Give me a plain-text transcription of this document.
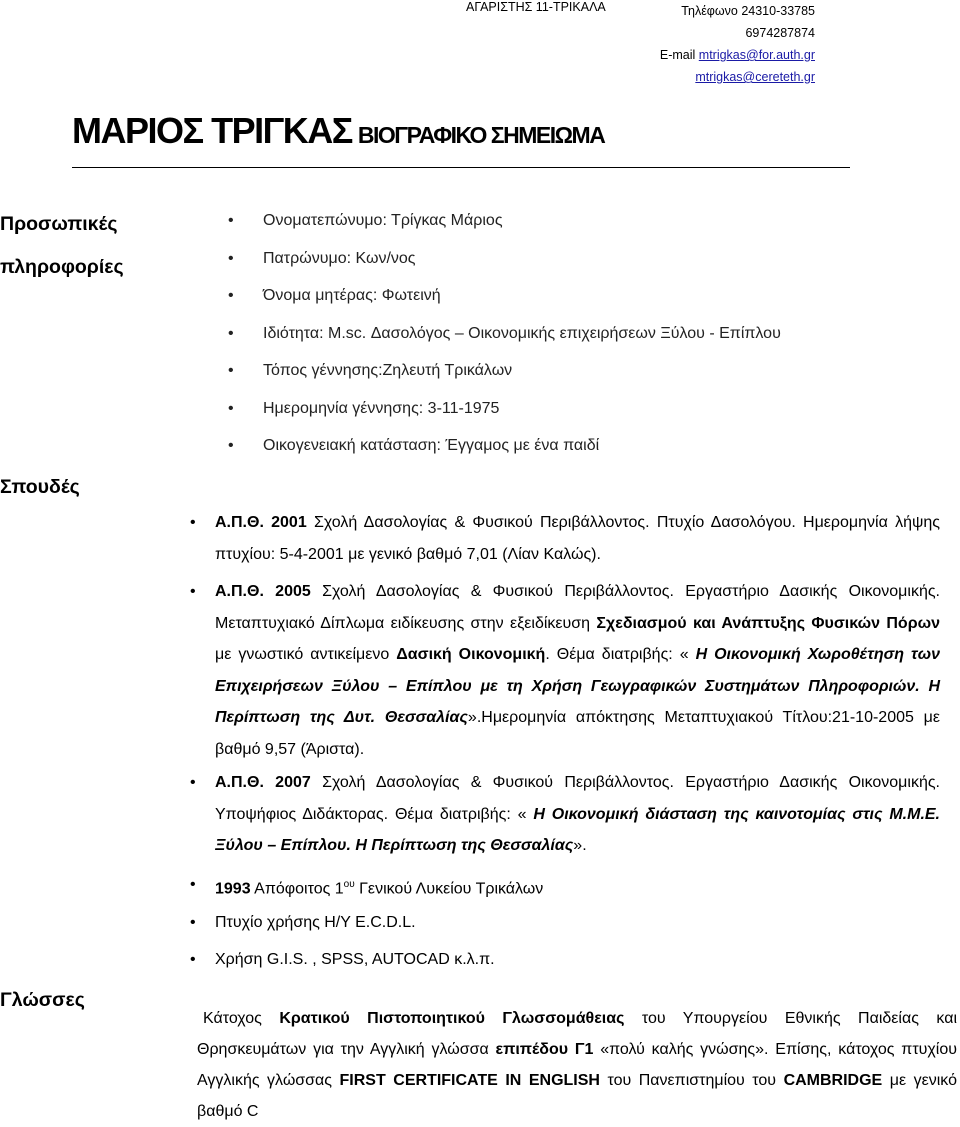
ΑΓΑΡΙΣΤΗΣ 11-ΤΡΙΚΑΛΑ	Τηλέφωνο 24310-33785
6974287874
E-mail mtrigkas@for.auth.gr
mtrigkas@cereteth.gr
ΜΑΡΙΟΣ ΤΡΙΓΚΑΣ ΒΙΟΓΡΑΦΙΚΟ ΣΗΜΕΙΩΜΑ
Προσωπικές
πληροφορίες
Σπουδές
Γλώσσες
• Ονοματεπώνυμο: Τρίγκας Μάριος
• Πατρώνυμο: Κων/νος
• Όνομα μητέρας: Φωτεινή
• Ιδιότητα: M.sc. Δασολόγος – Οικονομικής επιχειρήσεων Ξύλου - Επίπλου
• Τόπος γέννησης:Ζηλευτή Τρικάλων
• Ημερομηνία γέννησης: 3-11-1975
• Οικογενειακή κατάσταση: Έγγαμος με ένα παιδί
• Α.Π.Θ. 2001 Σχολή Δασολογίας & Φυσικού Περιβάλλοντος. Πτυχίο Δασολόγου. Ημερομηνία λήψης πτυχίου: 5-4-2001 με γενικό βαθμό 7,01 (Λίαν Καλώς).
• Α.Π.Θ. 2005 Σχολή Δασολογίας & Φυσικού Περιβάλλοντος. Εργαστήριο Δασικής Οικονομικής. Μεταπτυχιακό Δίπλωμα ειδίκευσης στην εξειδίκευση Σχεδιασμού και Ανάπτυξης Φυσικών Πόρων με γνωστικό αντικείμενο Δασική Οικονομική. Θέμα διατριβής: « Η Οικονομική Χωροθέτηση των Επιχειρήσεων Ξύλου – Επίπλου με τη Χρήση Γεωγραφικών Συστημάτων Πληροφοριών. Η Περίπτωση της Δυτ. Θεσσαλίας».Ημερομηνία απόκτησης Μεταπτυχιακού Τίτλου:21-10-2005 με βαθμό 9,57 (Άριστα).
• Α.Π.Θ. 2007 Σχολή Δασολογίας & Φυσικού Περιβάλλοντος. Εργαστήριο Δασικής Οικονομικής. Υποψήφιος Διδάκτορας. Θέμα διατριβής: « Η Οικονομική διάσταση της καινοτομίας στις Μ.Μ.Ε. Ξύλου – Επίπλου. Η Περίπτωση της Θεσσαλίας».
• 1993 Απόφοιτος $1^{o\upsilon}$ Γενικού Λυκείου Τρικάλων
• Πτυχίο χρήσης Η/Υ E.C.D.L.
• Χρήση G.I.S. , SPSS, AUTOCAD κ.λ.π.
Κάτοχος Κρατικού Πιστοποιητικού Γλωσσομάθειας του Υπουργείου Εθνικής Παιδείας και Θρησκευμάτων για την Αγγλική γλώσσα επιπέδου Γ1 «πολύ καλής γνώσης». Επίσης, κάτοχος πτυχίου Αγγλικής γλώσσας FIRST CERTIFICATE IN ENGLISH του Πανεπιστημίου του CAMBRIDGE με γενικό βαθμό C
